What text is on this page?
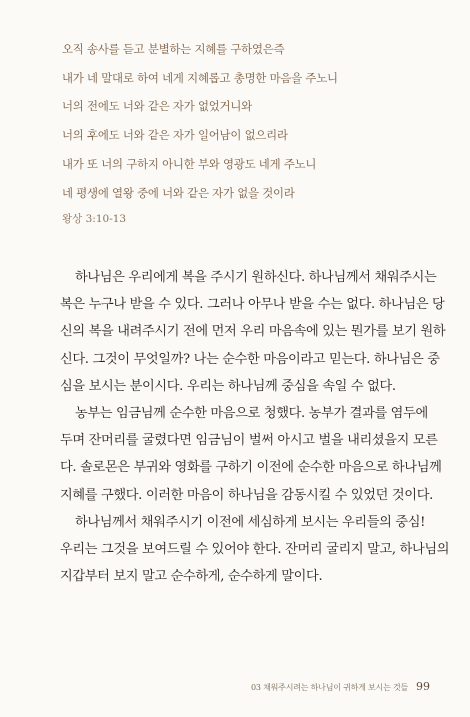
오직 송사를 듣고 분별하는 지혜를 구하였은즉
내가 네 말대로 하여 네게 지혜롭고 총명한 마음을 주노니
너의 전에도 너와 같은 자가 없었거니와
너의 후에도 너와 같은 자가 일어남이 없으리라
내가 또 너의 구하지 아니한 부와 영광도 네게 주노니
네 평생에 열왕 중에 너와 같은 자가 없을 것이라
왕상 3:10-13

하나님은 우리에게 복을 주시기 원하신다. 하나님께서 채워주시는
복은 누구나 받을 수 있다. 그러나 아무나 받을 수는 없다. 하나님은 당
신의 복을 내려주시기 전에 먼저 우리 마음속에 있는 뭔가를 보기 원하
신다. 그것이 무엇일까? 나는 순수한 마음이라고 믿는다. 하나님은 중
심을 보시는 분이시다. 우리는 하나님께 중심을 속일 수 없다.

농부는 임금님께 순수한 마음으로 청했다. 농부가 결과를 염두에
두며 잔머리를 굴렸다면 임금님이 벌써 아시고 벌을 내리셨을지 모른
다. 솔로몬은 부귀와 영화를 구하기 이전에 순수한 마음으로 하나님께
지혜를 구했다. 이러한 마음이 하나님을 감동시킬 수 있었던 것이다.

하나님께서 채워주시기 이전에 세심하게 보시는 우리들의 중심!
우리는 그것을 보여드릴 수 있어야 한다. 잔머리 굴리지 말고, 하나님의
지갑부터 보지 말고 순수하게, 순수하게 말이다.

03 채워주시려는 하나님이 귀하게 보시는 것들 99
